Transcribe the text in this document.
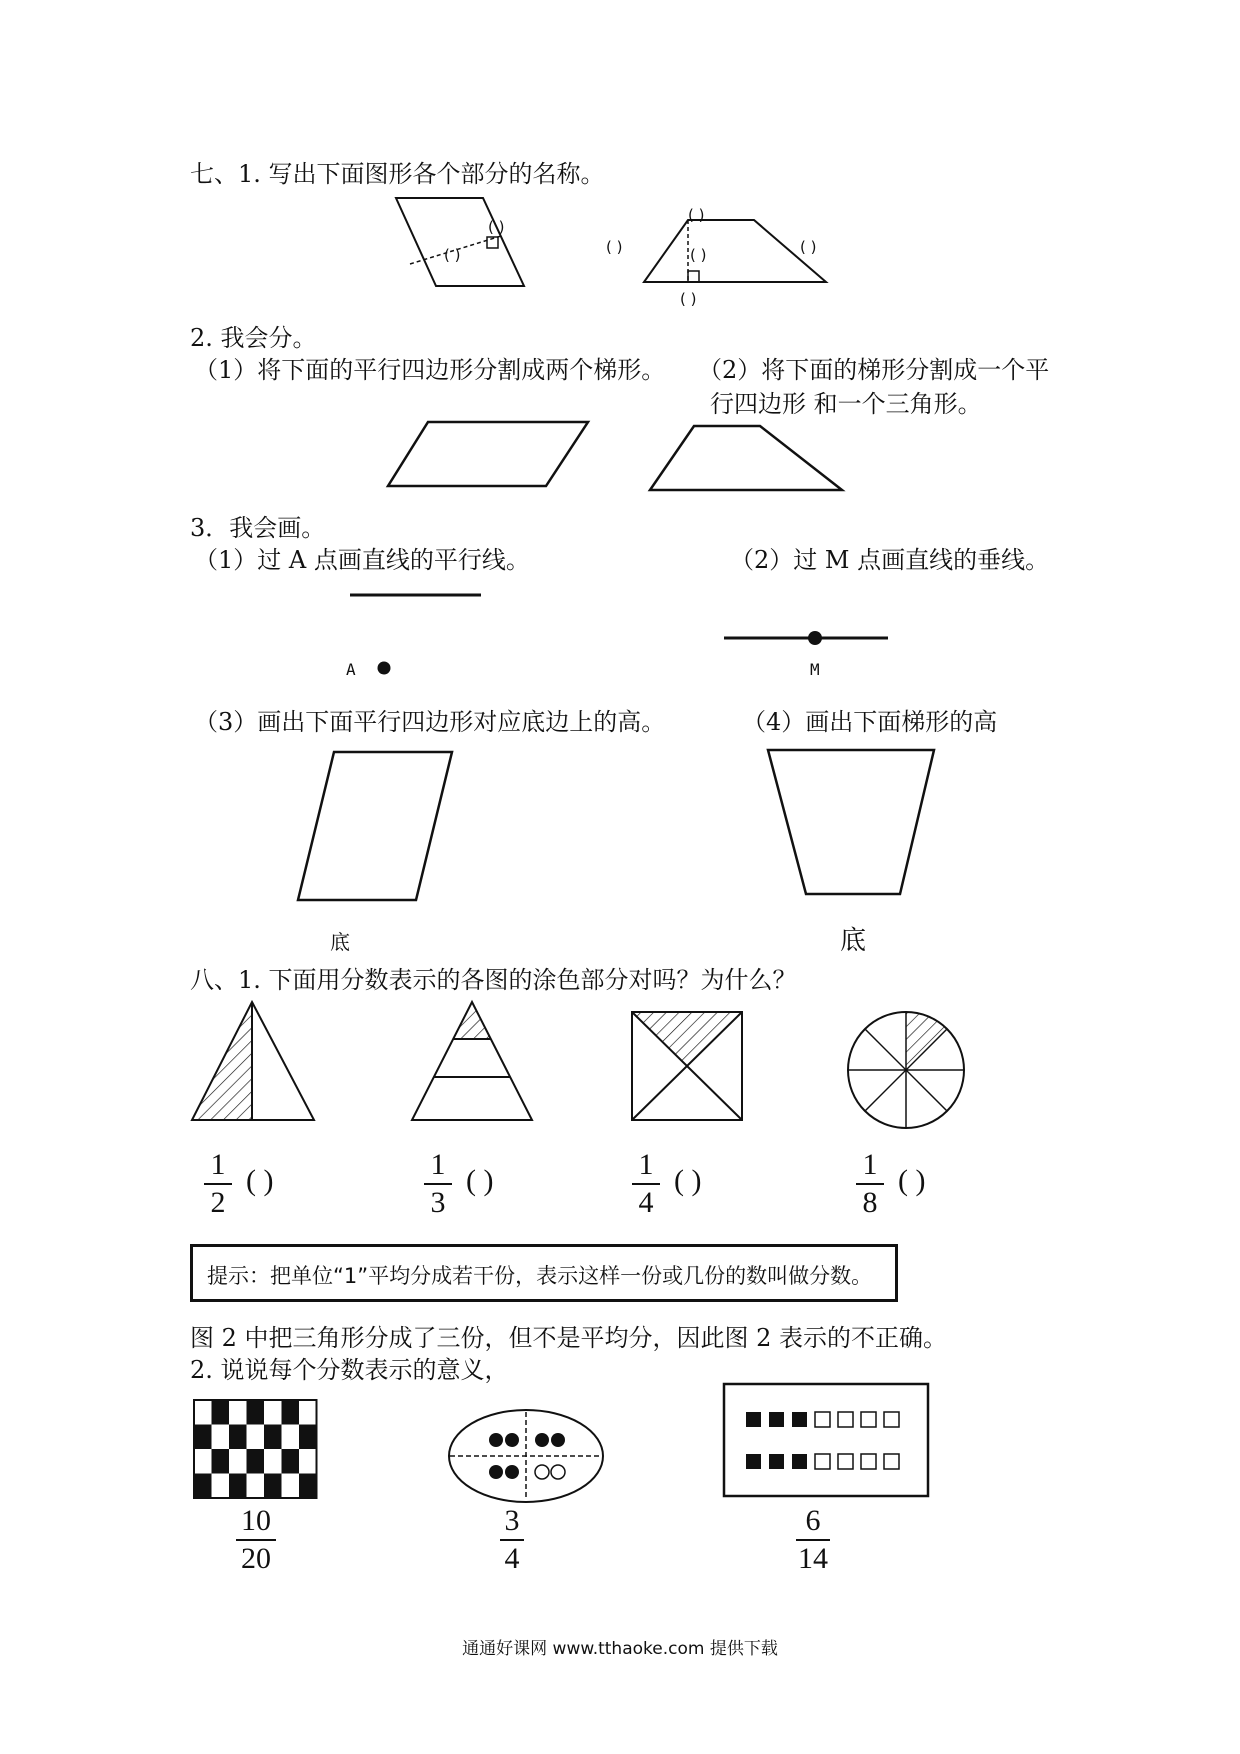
七、1. 写出下面图形各个部分的名称。
( )
( )
( )
( )	( )	( )
( )
2. 我会分。
（1）将下面的平行四边形分割成两个梯形。 （2）将下面的梯形分割成一个平
行四边形 和一个三角形。
3．我会画。
（1）过 A 点画直线的平行线。	（2）过 M 点画直线的垂线。
A	M
（3）画出下面平行四边形对应底边上的高。	（4）画出下面梯形的高
底	底
八、1. 下面用分数表示的各图的涂色部分对吗？为什么？
1
2
( )	1
3
( )	1
4
( )	1
8
( )
提示：把单位“1”平均分成若干份，表示这样一份或几份的数叫做分数。
图 2 中把三角形分成了三份，但不是平均分，因此图 2 表示的不正确。
2. 说说每个分数表示的意义，
10
20
3
4
6
14
通通好课网 www.tthaoke.com 提供下载
